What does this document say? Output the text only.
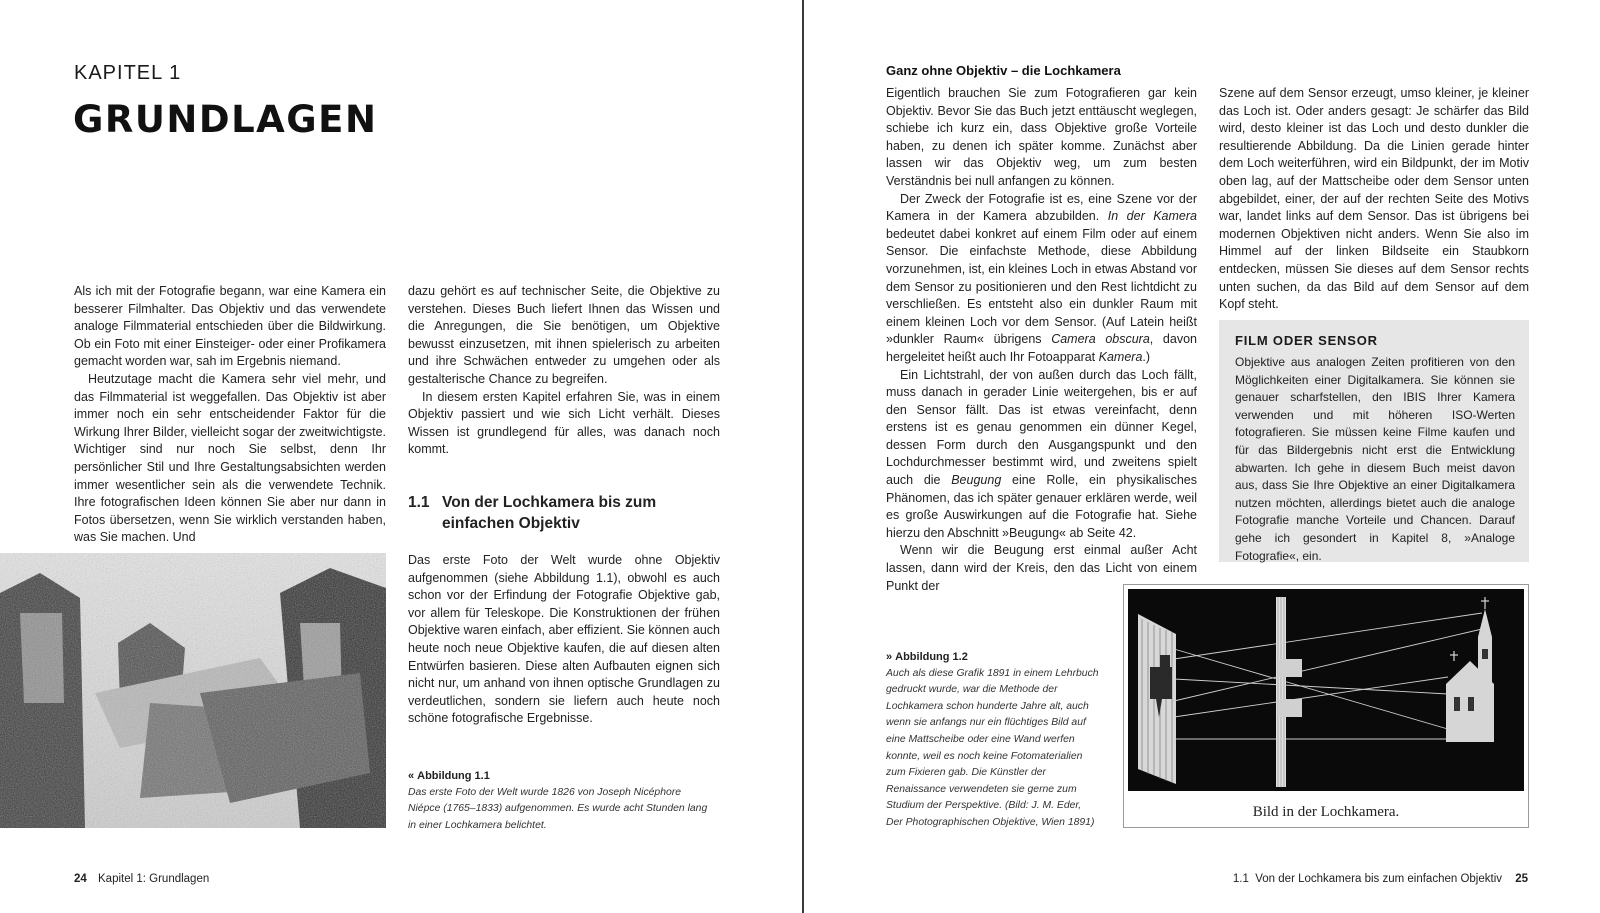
KAPITEL 1
GRUNDLAGEN

Als ich mit der Fotografie begann, war eine Kamera ein besserer Filmhalter. Das Objektiv und das verwendete analoge Filmmaterial entschieden über die Bildwirkung. Ob ein Foto mit einer Einsteiger- oder einer Profikamera gemacht worden war, sah im Ergebnis niemand.

Heutzutage macht die Kamera sehr viel mehr, und das Filmmaterial ist weggefallen. Das Objektiv ist aber immer noch ein sehr entscheidender Faktor für die Wirkung Ihrer Bilder, vielleicht sogar der zweitwichtigste. Wichtiger sind nur noch Sie selbst, denn Ihr persönlicher Stil und Ihre Gestaltungsabsichten werden immer wesentlicher sein als die verwendete Technik. Ihre fotografischen Ideen können Sie aber nur dann in Fotos übersetzen, wenn Sie wirklich verstanden haben, was Sie machen. Und

dazu gehört es auf technischer Seite, die Objektive zu verstehen. Dieses Buch liefert Ihnen das Wissen und die Anregungen, die Sie benötigen, um Objektive bewusst einzusetzen, mit ihnen spielerisch zu arbeiten und ihre Schwächen entweder zu umgehen oder als gestalterische Chance zu begreifen.

In diesem ersten Kapitel erfahren Sie, was in einem Objektiv passiert und wie sich Licht verhält. Dieses Wissen ist grundlegend für alles, was danach noch kommt.

1.1 Von der Lochkamera bis zum
einfachen Objektiv

Das erste Foto der Welt wurde ohne Objektiv aufgenommen (siehe Abbildung 1.1), obwohl es auch schon vor der Erfindung der Fotografie Objektive gab, vor allem für Teleskope. Die Konstruktionen der frühen Objektive waren einfach, aber effizient. Sie können auch heute noch neue Objektive kaufen, die auf diesen alten Entwürfen basieren. Diese alten Aufbauten eignen sich nicht nur, um anhand von ihnen optische Grundlagen zu verdeutlichen, sondern sie liefern auch heute noch schöne fotografische Ergebnisse.

« Abbildung 1.1
Das erste Foto der Welt wurde 1826 von Joseph Nicéphore Niépce (1765–1833) aufgenommen. Es wurde acht Stunden lang in einer Lochkamera belichtet.
24 Kapitel 1: Grundlagen
Ganz ohne Objektiv – die Lochkamera

Eigentlich brauchen Sie zum Fotografieren gar kein Objektiv. Bevor Sie das Buch jetzt enttäuscht weglegen, schiebe ich kurz ein, dass Objektive große Vorteile haben, zu denen ich später komme. Zunächst aber lassen wir das Objektiv weg, um zum besten Verständnis bei null anfangen zu können.

Der Zweck der Fotografie ist es, eine Szene vor der Kamera in der Kamera abzubilden. In der Kamera bedeutet dabei konkret auf einem Film oder auf einem Sensor. Die einfachste Methode, diese Abbildung vorzunehmen, ist, ein kleines Loch in etwas Abstand vor dem Sensor zu positionieren und den Rest lichtdicht zu verschließen. Es entsteht also ein dunkler Raum mit einem kleinen Loch vor dem Sensor. (Auf Latein heißt »dunkler Raum« übrigens Camera obscura, davon hergeleitet heißt auch Ihr Fotoapparat Kamera.)

Ein Lichtstrahl, der von außen durch das Loch fällt, muss danach in gerader Linie weitergehen, bis er auf den Sensor fällt. Das ist etwas vereinfacht, denn erstens ist es genau genommen ein dünner Kegel, dessen Form durch den Ausgangspunkt und den Lochdurchmesser bestimmt wird, und zweitens spielt auch die Beugung eine Rolle, ein physikalisches Phänomen, das ich später genauer erklären werde, weil es große Auswirkungen auf die Fotografie hat. Siehe hierzu den Abschnitt »Beugung« ab Seite 42.

Wenn wir die Beugung erst einmal außer Acht lassen, dann wird der Kreis, den das Licht von einem Punkt der

Szene auf dem Sensor erzeugt, umso kleiner, je kleiner das Loch ist. Oder anders gesagt: Je schärfer das Bild wird, desto kleiner ist das Loch und desto dunkler die resultierende Abbildung. Da die Linien gerade hinter dem Loch weiterführen, wird ein Bildpunkt, der im Motiv oben lag, auf der Mattscheibe oder dem Sensor unten abgebildet, einer, der auf der rechten Seite des Motivs war, landet links auf dem Sensor. Das ist übrigens bei modernen Objektiven nicht anders. Wenn Sie also im Himmel auf der linken Bildseite ein Staubkorn entdecken, müssen Sie dieses auf dem Sensor rechts unten suchen, da das Bild auf dem Sensor auf dem Kopf steht.

FILM ODER SENSOR
Objektive aus analogen Zeiten profitieren von den Möglichkeiten einer Digitalkamera. Sie können sie genauer scharfstellen, den IBIS Ihrer Kamera verwenden und mit höheren ISO-Werten fotografieren. Sie müssen keine Filme kaufen und für das Bildergebnis nicht erst die Entwicklung abwarten. Ich gehe in diesem Buch meist davon aus, dass Sie Ihre Objektive an einer Digitalkamera nutzen möchten, allerdings bietet auch die analoge Fotografie manche Vorteile und Chancen. Darauf gehe ich gesondert in Kapitel 8, »Analoge Fotografie«, ein.
» Abbildung 1.2
Auch als diese Grafik 1891 in einem Lehrbuch gedruckt wurde, war die Methode der Lochkamera schon hunderte Jahre alt, auch wenn sie anfangs nur ein flüchtiges Bild auf eine Mattscheibe oder eine Wand werfen konnte, weil es noch keine Fotomaterialien zum Fixieren gab. Die Künstler der Renaissance verwendeten sie gerne zum Studium der Perspektive. (Bild: J. M. Eder, Der Photographischen Objektive, Wien 1891)
Bild in der Lochkamera.
1.1  Von der Lochkamera bis zum einfachen Objektiv 25
